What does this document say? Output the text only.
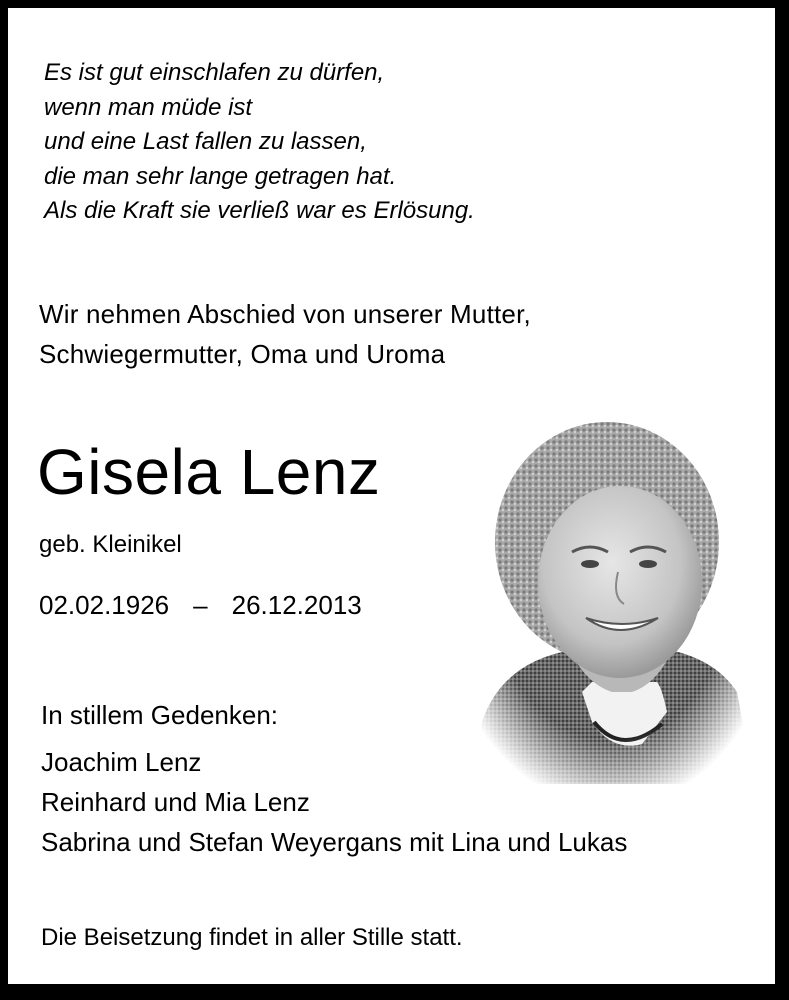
Es ist gut einschlafen zu dürfen,
wenn man müde ist
und eine Last fallen zu lassen,
die man sehr lange getragen hat.
Als die Kraft sie verließ war es Erlösung.
Wir nehmen Abschied von unserer Mutter,
Schwiegermutter, Oma und Uroma
Gisela Lenz
geb. Kleinikel
02.02.1926 – 26.12.2013
In stillem Gedenken:
Joachim Lenz
Reinhard und Mia Lenz
Sabrina und Stefan Weyergans mit Lina und Lukas
Die Beisetzung findet in aller Stille statt.
